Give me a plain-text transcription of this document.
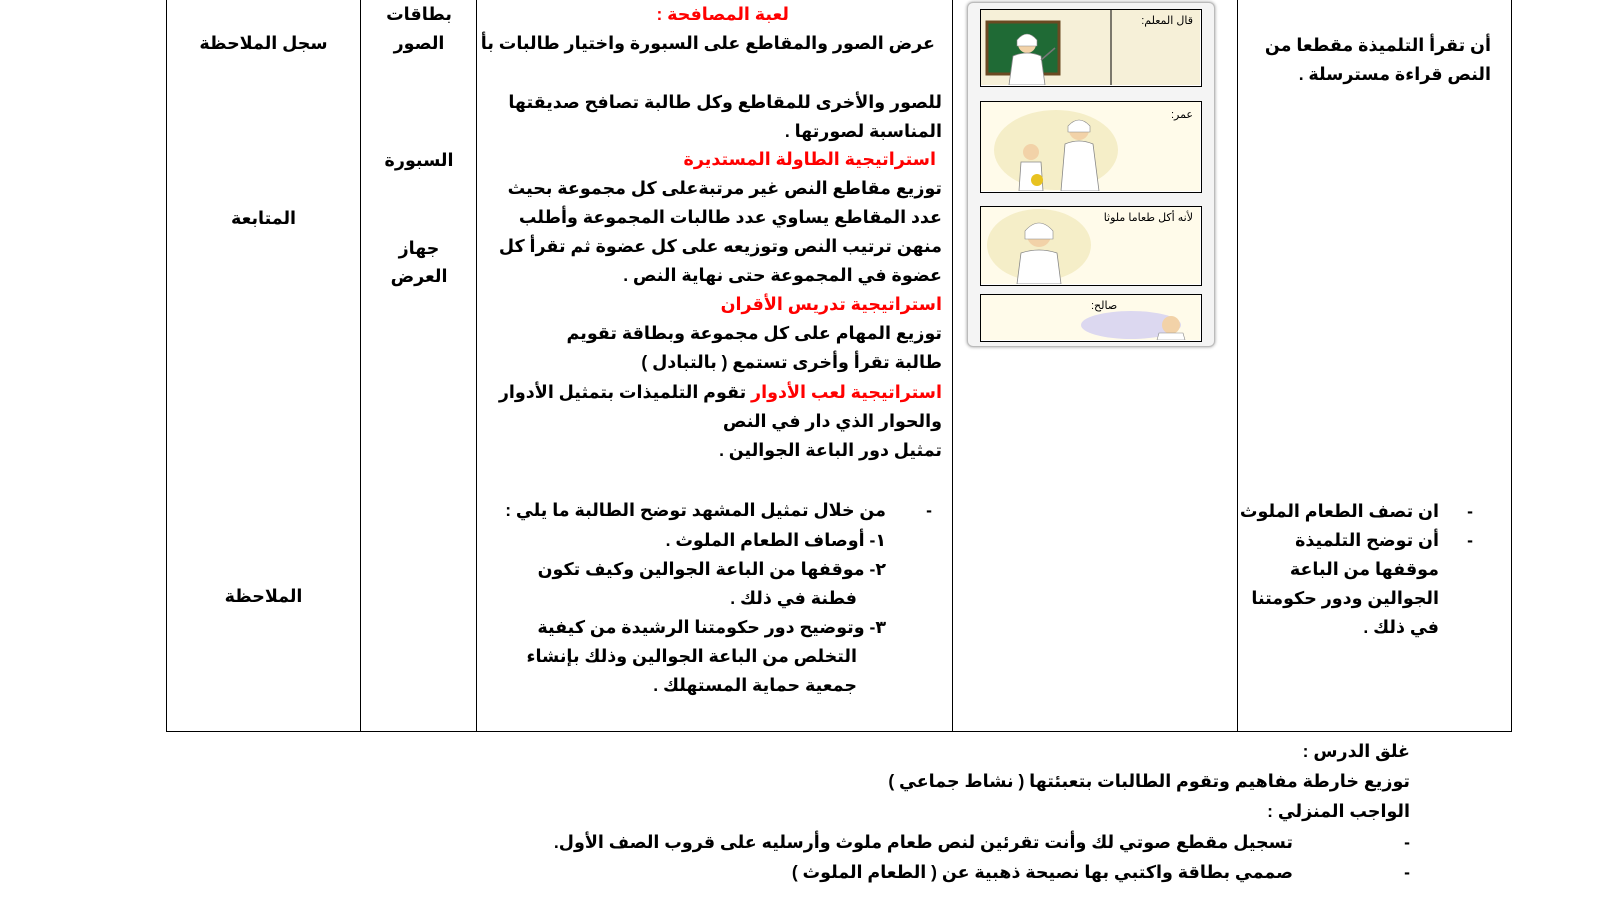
سجل الملاحظة
المتابعة
الملاحظة
بطاقات
الصور
السبورة
جهاز
العرض
لعبة المصافحة :
عرض الصور والمقاطع على السبورة واختيار طالبات بأ
للصور والأخرى للمقاطع وكل طالبة تصافح صديقتها
المناسبة لصورتها .
استراتيجية الطاولة المستديرة
توزيع مقاطع النص غير مرتبةعلى كل مجموعة بحيث
عدد المقاطع يساوي عدد طالبات المجموعة وأطلب
منهن ترتيب النص وتوزيعه على كل عضوة ثم تقرأ كل
عضوة في المجموعة حتى نهاية النص .
استراتيجية تدريس الأقران
توزيع المهام على كل مجموعة وبطاقة تقويم
طالبة تقرأ وأخرى تستمع ( بالتبادل )
استراتيجية لعب الأدوار تقوم التلميذات بتمثيل الأدوار
والحوار الذي دار في النص
تمثيل دور الباعة الجوالين .
-
من خلال تمثيل المشهد توضح الطالبة ما يلي :
١- أوصاف الطعام الملوث .
٢- موقفها من الباعة الجوالين وكيف تكون
فطنة في ذلك .
٣- وتوضيح دور حكومتنا الرشيدة من كيفية
التخلص من الباعة الجوالين وذلك بإنشاء
جمعية حماية المستهلك .
أن تقرأ التلميذة مقطعا من
النص قراءة مسترسلة .
-
ان تصف الطعام الملوث
-
أن توضح التلميذة
موقفها من الباعة
الجوالين ودور حكومتنا
في ذلك .
قال المعلم:
عمر:
لأنه أكل طعاما ملوثا
صالح:
غلق الدرس :
توزيع خارطة مفاهيم وتقوم الطالبات بتعبئتها ( نشاط جماعي )
الواجب المنزلي :
-
تسجيل مقطع صوتي لك وأنت تقرئين لنص طعام ملوث وأرسليه على قروب الصف الأول.
-
صممي بطاقة واكتبي بها نصيحة ذهبية عن ( الطعام الملوث )
